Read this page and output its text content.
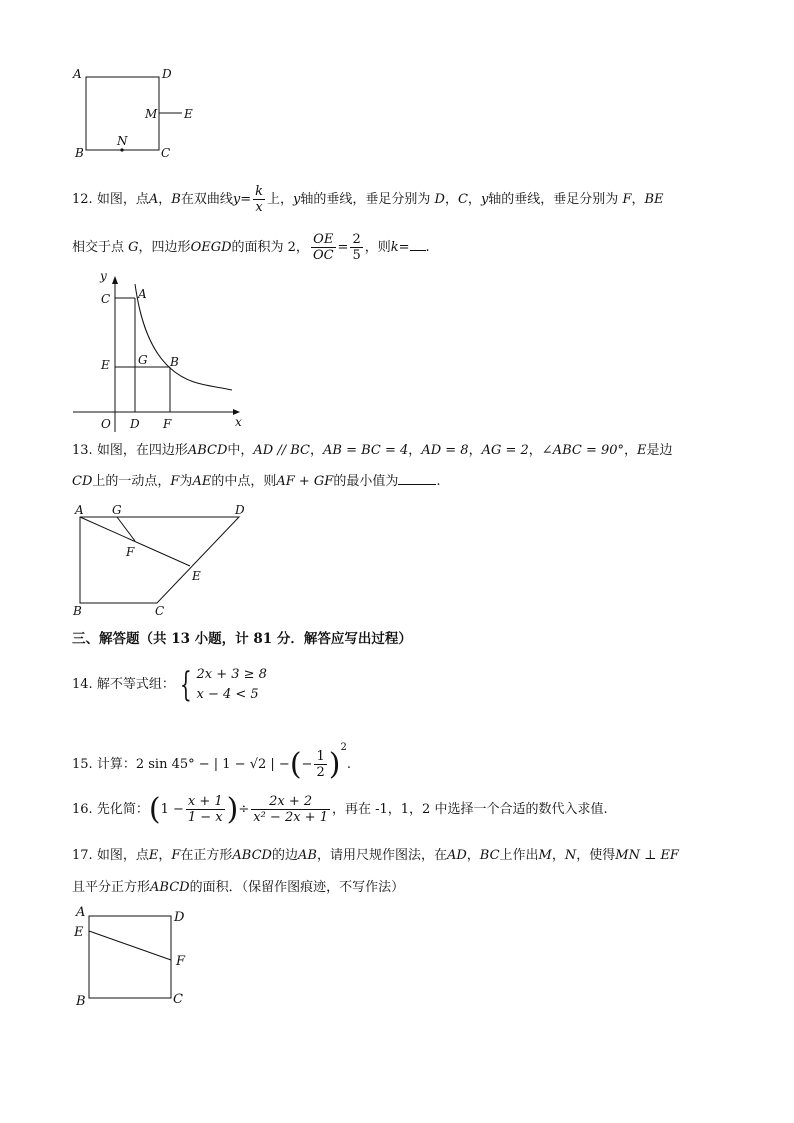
A	D
M E
N
B	C
12. 如图，点A，B在双曲线$y= \frac{k}{x}$ 上，y轴的垂线，垂足分别为 D，C，y轴的垂线，垂足分别为 F，BE
相交于点 G，四边形OEGD的面积为 2， $\frac{OE}{OC} = \frac{2}{5}$ ，则k= .
y
C A
E G B
O D F	x
13. 如图，在四边形ABCD中，AD // BC，AB = BC = 4，AD = 8，AG = 2，∠ABC = 90°，E是边
CD上的一动点，F为AE的中点，则AF + GF的最小值为	.
A G	D
F
E
B	C
三、解答题（共 13 小题，计 81 分．解答应写出过程）
14. 解不等式组： { 2x + 3 ≥ 8
x − 4 < 5
15. 计算：2 sin 45° − | 1 − √2 | −(− $\frac{1}{2} )^2$.
16. 先化简：($1 - \frac{x + 1}{1 - x}$ )÷ $\frac{2x + 2}{\text{x² − 2x + 1}}$ ，再在 -1，1，2 中选择一个合适的数代入求值.
17. 如图，点E，F在正方形ABCD的边AB，请用尺规作图法，在AD，BC上作出M，N，使得MN ⊥ EF
且平分正方形ABCD的面积．（保留作图痕迹，不写作法）
A	D
E
F
B	C
